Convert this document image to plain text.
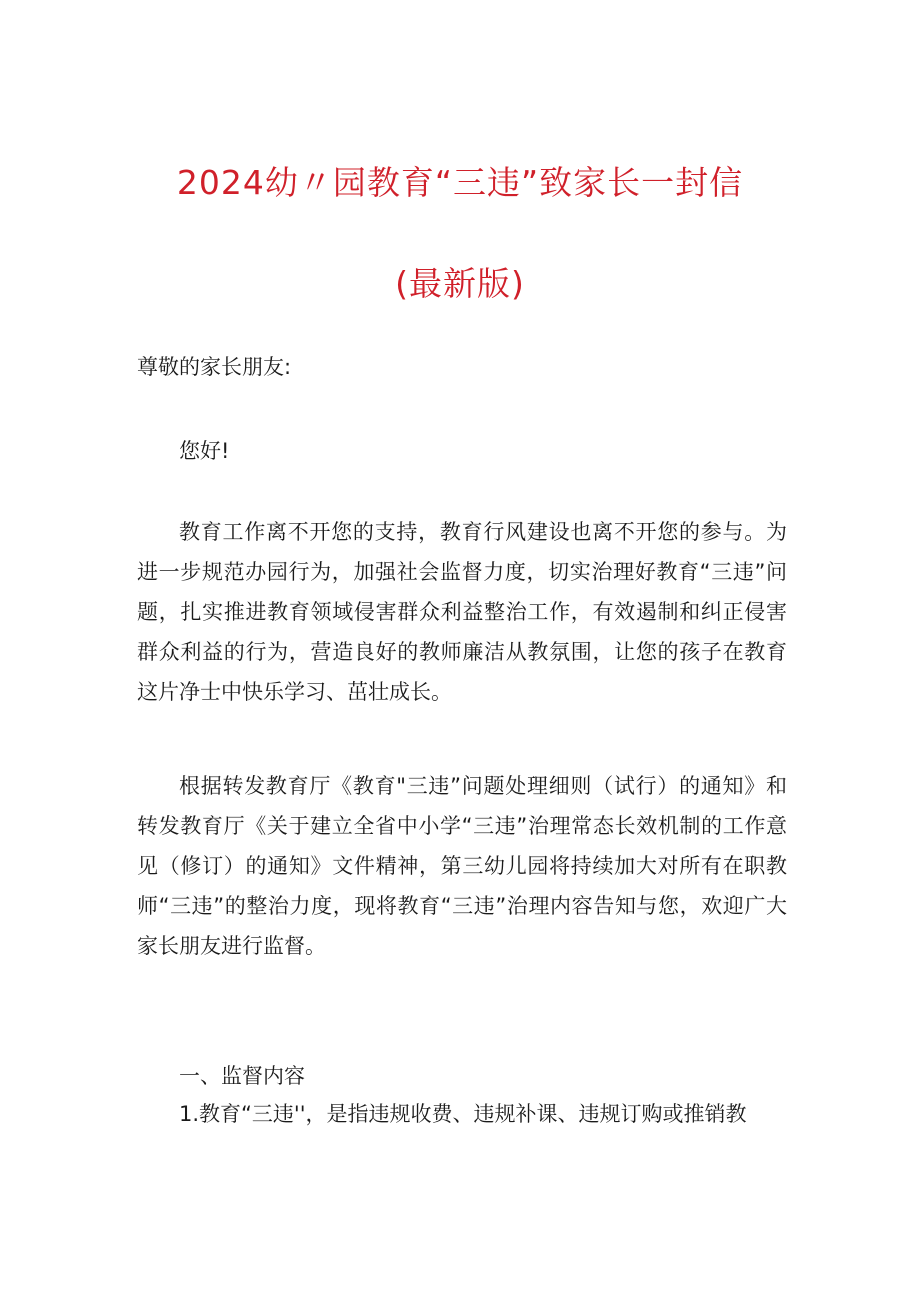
2024幼〃园教育“三违”致家长一封信
(最新版)
尊敬的家长朋友:
您好!

教育工作离不开您的支持，教育行风建设也离不开您的参与。为进一步规范办园行为，加强社会监督力度，切实治理好教育“三违”问题，扎实推进教育领域侵害群众利益整治工作，有效遏制和纠正侵害群众利益的行为，营造良好的教师廉洁从教氛围，让您的孩子在教育这片净士中快乐学习、茁壮成长。

根据转发教育厅《教育"三违”问题处理细则（试行）的通知》和转发教育厅《关于建立全省中小学“三违”治理常态长效机制的工作意见（修订）的通知》文件精神，第三幼儿园将持续加大对所有在职教师“三违”的整治力度，现将教育“三违”治理内容告知与您，欢迎广大家长朋友进行监督。

一、监督内容
1.教育“三违''，是指违规收费、违规补课、违规订购或推销教
